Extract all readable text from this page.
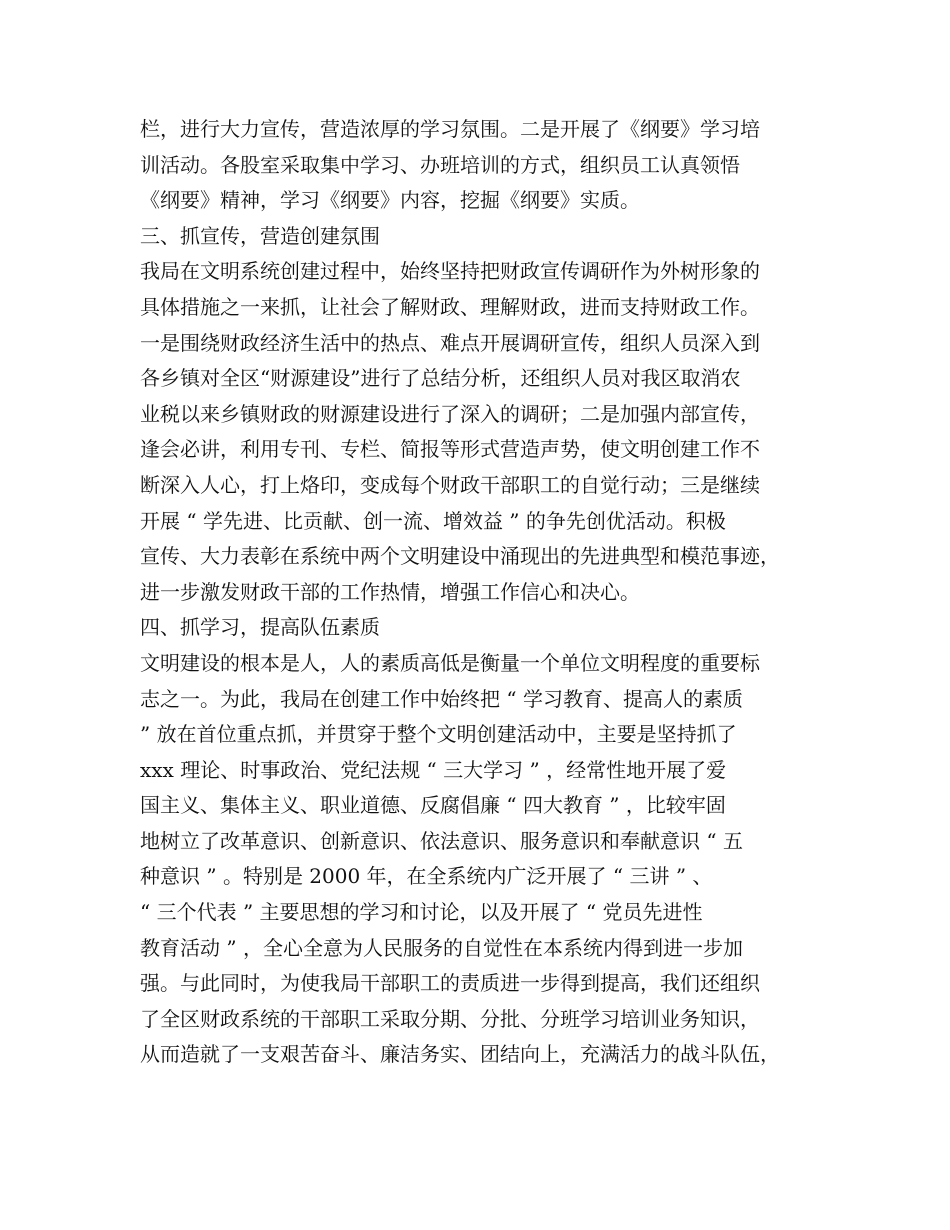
栏，进行大力宣传，营造浓厚的学习氛围。二是开展了《纲要》学习培
训活动。各股室采取集中学习、办班培训的方式，组织员工认真领悟
《纲要》精神，学习《纲要》内容，挖掘《纲要》实质。
三、抓宣传，营造创建氛围
我局在文明系统创建过程中，始终坚持把财政宣传调研作为外树形象的
具体措施之一来抓，让社会了解财政、理解财政，进而支持财政工作。
一是围绕财政经济生活中的热点、难点开展调研宣传，组织人员深入到
各乡镇对全区“财源建设”进行了总结分析，还组织人员对我区取消农
业税以来乡镇财政的财源建设进行了深入的调研；二是加强内部宣传，
逢会必讲，利用专刊、专栏、简报等形式营造声势，使文明创建工作不
断深入人心，打上烙印，变成每个财政干部职工的自觉行动；三是继续
开展 “ 学先进、比贡献、创一流、增效益 ” 的争先创优活动。积极
宣传、大力表彰在系统中两个文明建设中涌现出的先进典型和模范事迹，
进一步激发财政干部的工作热情，增强工作信心和决心。
四、抓学习，提高队伍素质
文明建设的根本是人，人的素质高低是衡量一个单位文明程度的重要标
志之一。为此，我局在创建工作中始终把 “ 学习教育、提高人的素质
” 放在首位重点抓，并贯穿于整个文明创建活动中，主要是坚持抓了
xxx 理论、时事政治、党纪法规 “ 三大学习 ” ，经常性地开展了爱
国主义、集体主义、职业道德、反腐倡廉 “ 四大教育 ” ，比较牢固
地树立了改革意识、创新意识、依法意识、服务意识和奉献意识 “ 五
种意识 ” 。特别是 2000 年，在全系统内广泛开展了 “ 三讲 ” 、
“ 三个代表 ” 主要思想的学习和讨论，以及开展了 “ 党员先进性
教育活动 ” ，全心全意为人民服务的自觉性在本系统内得到进一步加
强。与此同时，为使我局干部职工的责质进一步得到提高，我们还组织
了全区财政系统的干部职工采取分期、分批、分班学习培训业务知识，
从而造就了一支艰苦奋斗、廉洁务实、团结向上，充满活力的战斗队伍，
